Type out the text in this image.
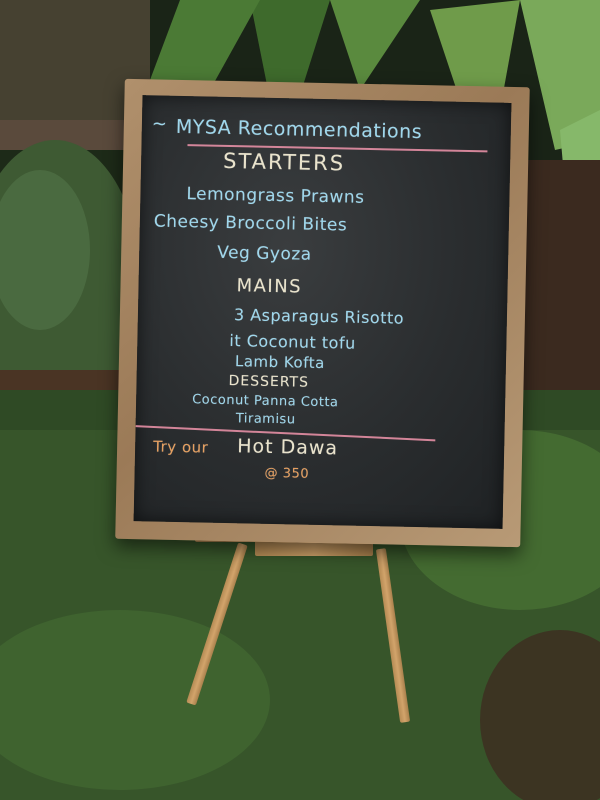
~ MYSA Recommendations
STARTERS
Lemongrass Prawns
Cheesy Broccoli Bites
Veg Gyoza
MAINS
3 Asparagus Risotto
it Coconut tofu
Lamb Kofta
DESSERTS
Coconut Panna Cotta
Tiramisu
Try our Hot Dawa
@ 350
